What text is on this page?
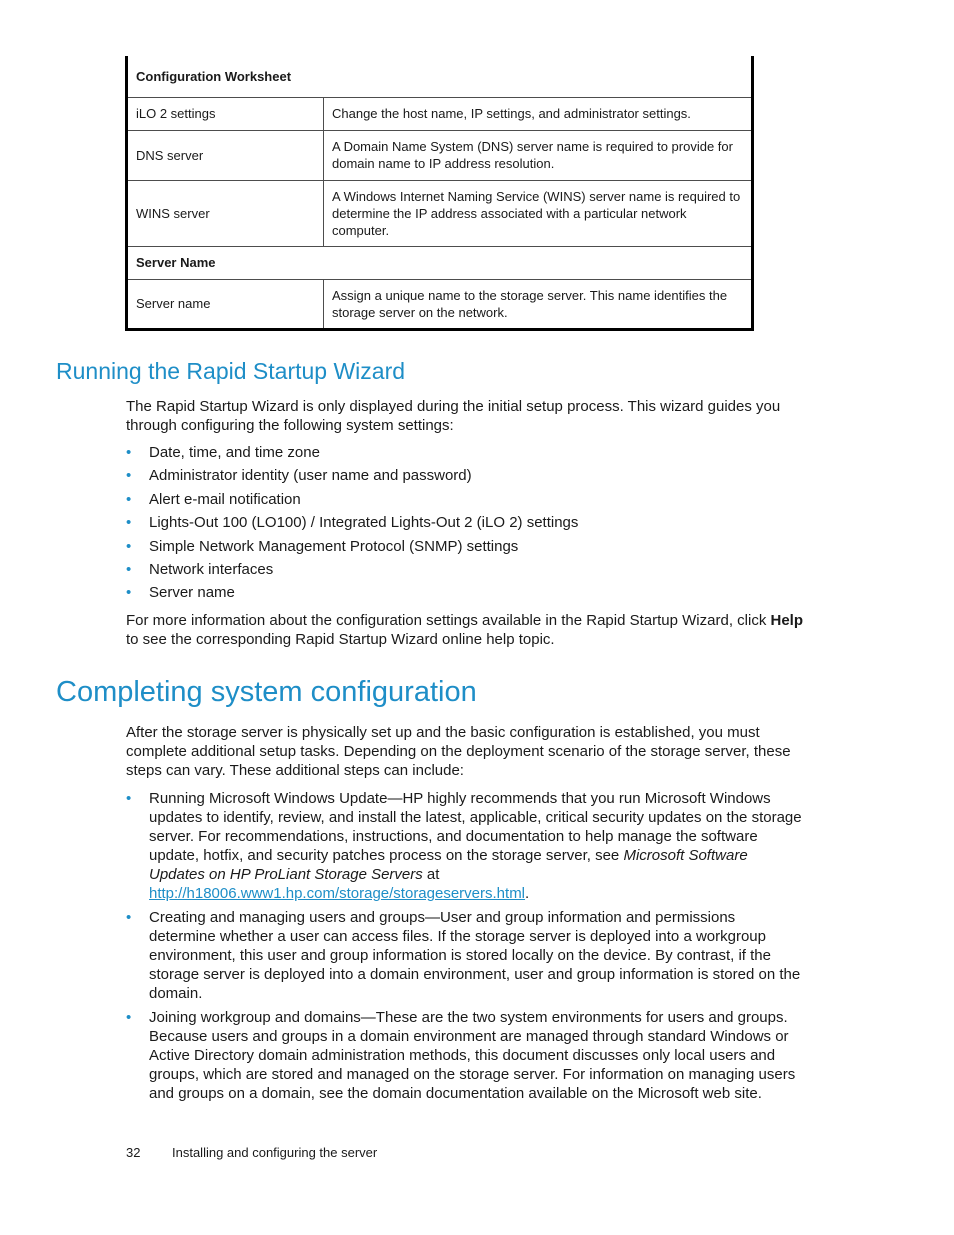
Configuration Worksheet	
iLO 2 settings	Change the host name, IP settings, and administrator settings.
DNS server	A Domain Name System (DNS) server name is required to provide for domain name to IP address resolution.
WINS server	A Windows Internet Naming Service (WINS) server name is required to determine the IP address associated with a particular network computer.
Server Name	
Server name	Assign a unique name to the storage server. This name identifies the storage server on the network.
Running the Rapid Startup Wizard

The Rapid Startup Wizard is only displayed during the initial setup process. This wizard guides you through configuring the following system settings:

• Date, time, and time zone
• Administrator identity (user name and password)
• Alert e-mail notification
• Lights-Out 100 (LO100) / Integrated Lights-Out 2 (iLO 2) settings
• Simple Network Management Protocol (SNMP) settings
• Network interfaces
• Server name

For more information about the configuration settings available in the Rapid Startup Wizard, click Help to see the corresponding Rapid Startup Wizard online help topic.

Completing system configuration

After the storage server is physically set up and the basic configuration is established, you must complete additional setup tasks. Depending on the deployment scenario of the storage server, these steps can vary. These additional steps can include:

• Running Microsoft Windows Update—HP highly recommends that you run Microsoft Windows updates to identify, review, and install the latest, applicable, critical security updates on the storage server. For recommendations, instructions, and documentation to help manage the software update, hotfix, and security patches process on the storage server, see Microsoft Software Updates on HP ProLiant Storage Servers at http://h18006.www1.hp.com/storage/storageservers.html.
• Creating and managing users and groups—User and group information and permissions determine whether a user can access files. If the storage server is deployed into a workgroup environment, this user and group information is stored locally on the device. By contrast, if the storage server is deployed into a domain environment, user and group information is stored on the domain.
• Joining workgroup and domains—These are the two system environments for users and groups. Because users and groups in a domain environment are managed through standard Windows or Active Directory domain administration methods, this document discusses only local users and groups, which are stored and managed on the storage server. For information on managing users and groups on a domain, see the domain documentation available on the Microsoft web site.
32 Installing and configuring the server
